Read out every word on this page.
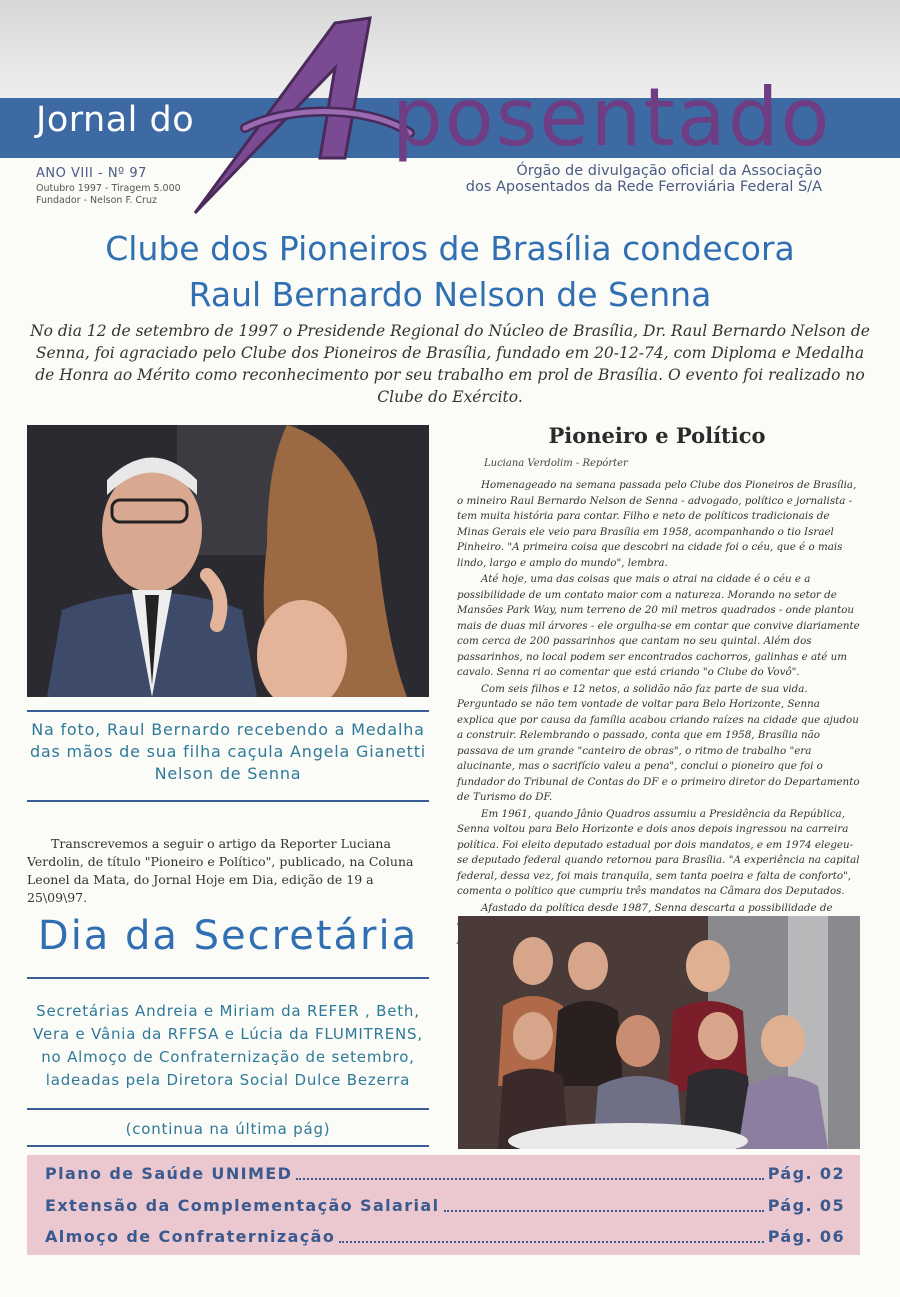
Jornal do posentado
ANO VIII - Nº 97
Outubro 1997 - Tiragem 5.000
Fundador - Nelson F. Cruz
Órgão de divulgação oficial da Associação
dos Aposentados da Rede Ferroviária Federal S/A
Clube dos Pioneiros de Brasília condecora
Raul Bernardo Nelson de Senna
No dia 12 de setembro de 1997 o Presidende Regional do Núcleo de Brasília, Dr. Raul Bernardo Nelson de Senna, foi agraciado pelo Clube dos Pioneiros de Brasília, fundado em 20-12-74, com Diploma e Medalha de Honra ao Mérito como reconhecimento por seu trabalho em prol de Brasília. O evento foi realizado no Clube do Exército.
Na foto, Raul Bernardo recebendo a Medalha das mãos de sua filha caçula Angela Gianetti Nelson de Senna
Transcrevemos a seguir o artigo da Reporter Luciana Verdolin, de título "Pioneiro e Político", publicado, na Coluna Leonel da Mata, do Jornal Hoje em Dia, edição de 19 a 25\09\97.
Pioneiro e Político
Luciana Verdolim - Repórter

Homenageado na semana passada pelo Clube dos Pioneiros de Brasília, o mineiro Raul Bernardo Nelson de Senna - advogado, político e jornalista - tem muita história para contar. Filho e neto de políticos tradicionais de Minas Gerais ele veio para Brasília em 1958, acompanhando o tio Israel Pinheiro. "A primeira coisa que descobri na cidade foi o céu, que é o mais lindo, largo e amplo do mundo", lembra.

Até hoje, uma das coisas que mais o atrai na cidade é o céu e a possibilidade de um contato maior com a natureza. Morando no setor de Mansões Park Way, num terreno de 20 mil metros quadrados - onde plantou mais de duas mil árvores - ele orgulha-se em contar que convive diariamente com cerca de 200 passarinhos que cantam no seu quintal. Além dos passarinhos, no local podem ser encontrados cachorros, galinhas e até um cavalo. Senna ri ao comentar que está criando "o Clube do Vovô".

Com seis filhos e 12 netos, a solidão não faz parte de sua vida. Perguntado se não tem vontade de voltar para Belo Horizonte, Senna explica que por causa da família acabou criando raízes na cidade que ajudou a construir. Relembrando o passado, conta que em 1958, Brasília não passava de um grande "canteiro de obras", o ritmo de trabalho "era alucinante, mas o sacrifício valeu a pena", conclui o pioneiro que foi o fundador do Tribunal de Contas do DF e o primeiro diretor do Departamento de Turismo do DF.

Em 1961, quando Jânio Quadros assumiu a Presidência da República, Senna voltou para Belo Horizonte e dois anos depois ingressou na carreira política. Foi eleito deputado estadual por dois mandatos, e em 1974 elegeu-se deputado federal quando retornou para Brasília. "A experiência na capital federal, dessa vez, foi mais tranquila, sem tanta poeira e falta de conforto", comenta o político que cumpriu três mandatos na Câmara dos Deputados.

Afastado da política desde 1987, Senna descarta a possibilidade de

Dia da Secretária
Secretárias Andreia e Miriam da REFER , Beth, Vera e Vânia da RFFSA e Lúcia da FLUMITRENS, no Almoço de Confraternização de setembro, ladeadas pela Diretora Social Dulce Bezerra
(continua na última pág)
Plano de Saúde UNIMED	Pág. 02
Extensão da Complementação Salarial	Pág. 05
Almoço de Confraternização	Pág. 06
